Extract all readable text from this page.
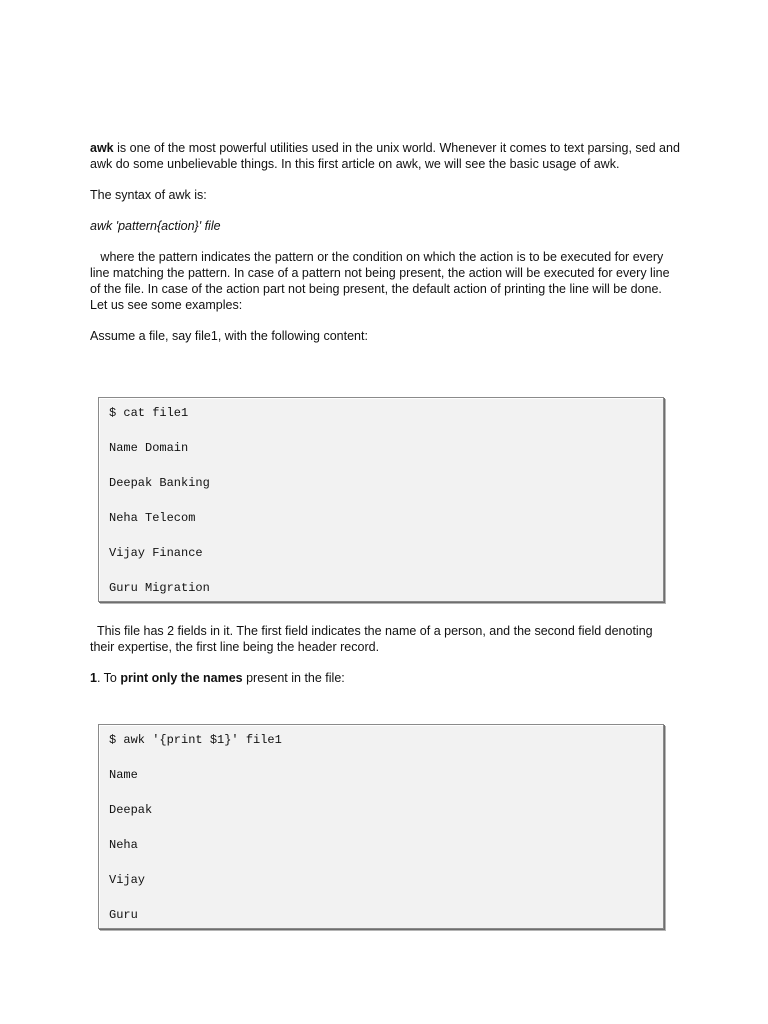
awk is one of the most powerful utilities used in the unix world. Whenever it comes to text parsing, sed and awk do some unbelievable things. In this first article on awk, we will see the basic usage of awk.

The syntax of awk is:

awk 'pattern{action}' file

where the pattern indicates the pattern or the condition on which the action is to be executed for every line matching the pattern. In case of a pattern not being present, the action will be executed for every line of the file. In case of the action part not being present, the default action of printing the line will be done. Let us see some examples:

Assume a file, say file1, with the following content:

$ cat file1
Name Domain
Deepak Banking
Neha Telecom
Vijay Finance
Guru Migration

This file has 2 fields in it. The first field indicates the name of a person, and the second field denoting their expertise, the first line being the header record.

1. To print only the names present in the file:

$ awk '{print $1}' file1
Name
Deepak
Neha
Vijay
Guru
